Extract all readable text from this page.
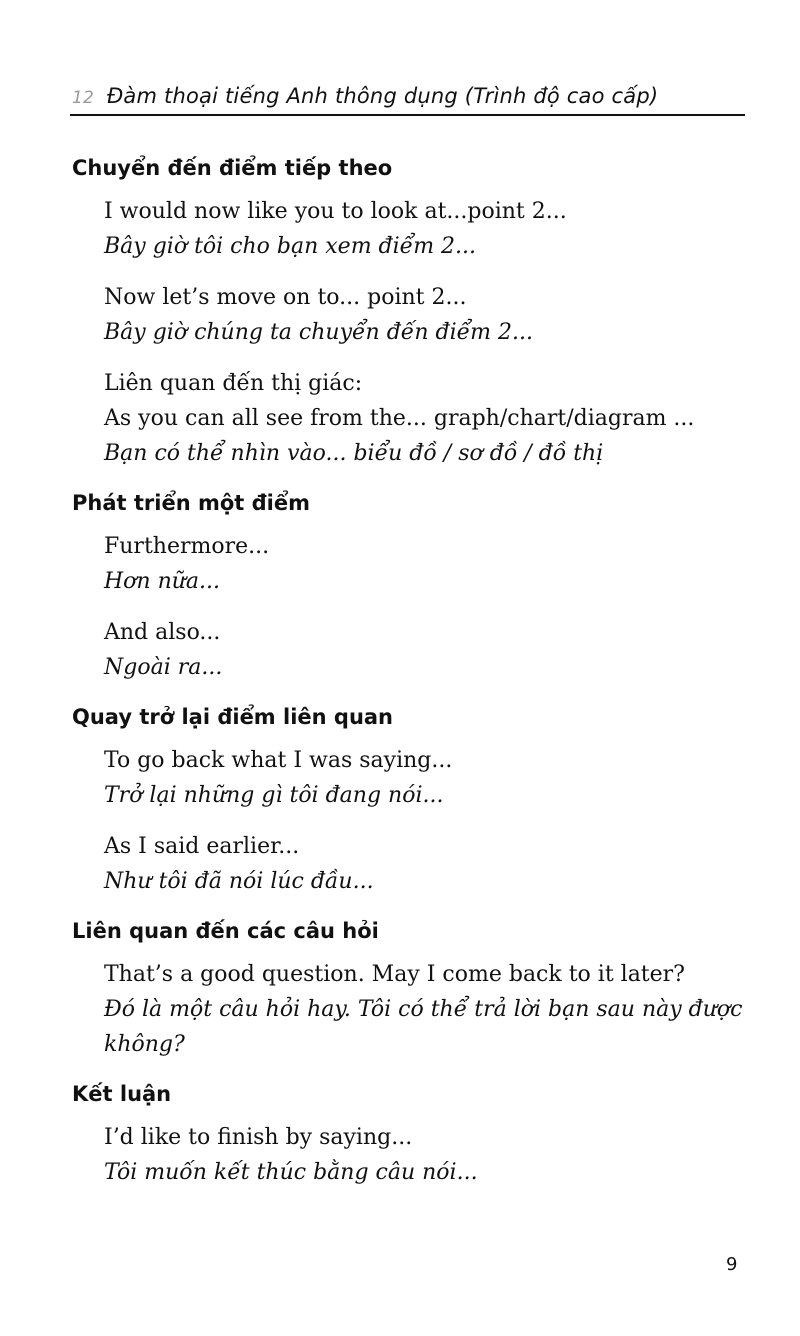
12 Đàm thoại tiếng Anh thông dụng (Trình độ cao cấp)
Chuyển đến điểm tiếp theo

I would now like you to look at...point 2...

Bây giờ tôi cho bạn xem điểm 2...

Now let’s move on to... point 2...

Bây giờ chúng ta chuyển đến điểm 2...

Liên quan đến thị giác:

As you can all see from the... graph/chart/diagram ...

Bạn có thể nhìn vào... biểu đồ / sơ đồ / đồ thị

Phát triển một điểm

Furthermore...

Hơn nữa...

And also...

Ngoài ra...

Quay trở lại điểm liên quan

To go back what I was saying...

Trở lại những gì tôi đang nói...

As I said earlier...

Như tôi đã nói lúc đầu...

Liên quan đến các câu hỏi

That’s a good question. May I come back to it later?

Đó là một câu hỏi hay. Tôi có thể trả lời bạn sau này được không?

Kết luận

I’d like to finish by saying...

Tôi muốn kết thúc bằng câu nói...

9
